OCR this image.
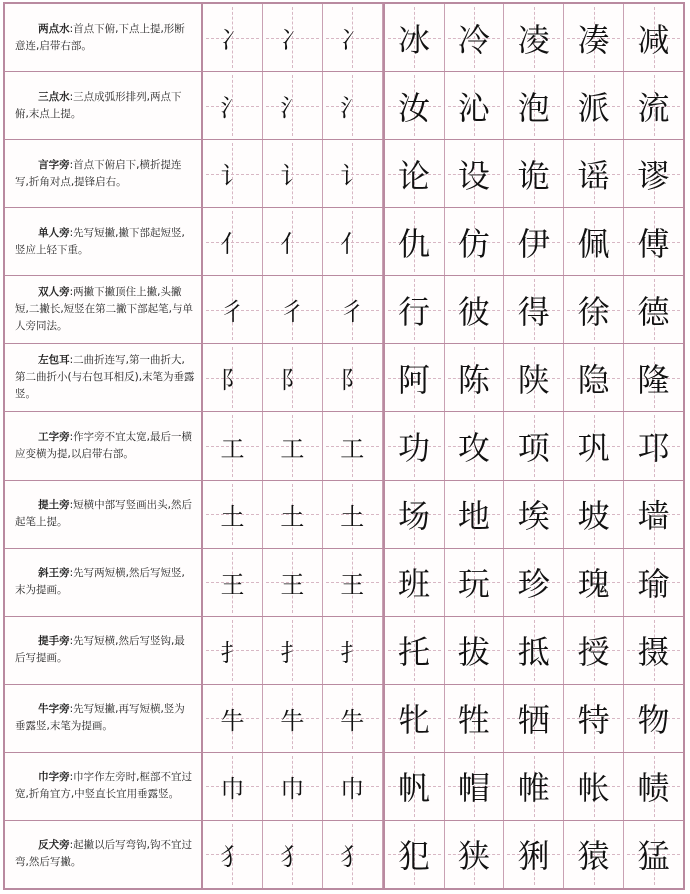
两点水:首点下俯,下点上提,形断意连,启带右部。	冫 冫 冫 冰 冷 凌 凑 减

三点水:三点成弧形排列,两点下俯,末点上提。	氵 氵 氵 汝 沁 泡 派 流

言字旁:首点下俯启下,横折提连写,折角对点,提锋启右。	讠 讠 讠 论 设 诡 谣 谬

单人旁:先写短撇,撇下部起短竖,竖应上轻下重。	亻 亻 亻 仇 仿 伊 佩 傅

双人旁:两撇下撇顶住上撇,头撇短,二撇长,短竖在第二撇下部起笔,与单人旁同法。	彳 彳 彳 行 彼 得 徐 德

左包耳:二曲折连写,第一曲折大,第二曲折小(与右包耳相反),末笔为垂露竖。	阝 阝 阝 阿 陈 陕 隐 隆

工字旁:作字旁不宜太宽,最后一横应变横为提,以启带右部。	工 工 工 功 攻 项 巩 邛

提土旁:短横中部写竖画出头,然后起笔上提。	土 土 土 场 地 埃 坡 墙

斜王旁:先写两短横,然后写短竖,末为提画。	王 王 王 班 玩 珍 瑰 瑜

提手旁:先写短横,然后写竖钩,最后写提画。	扌 扌 扌 托 拔 抵 授 摄

牛字旁:先写短撇,再写短横,竖为垂露竖,末笔为提画。	牛 牛 牛 牝 牲 牺 特 物

巾字旁:巾字作左旁时,框部不宜过宽,折角宜方,中竖直长宜用垂露竖。	巾 巾 巾 帆 帽 帷 帐 帻

反犬旁:起撇以后写弯钩,钩不宜过弯,然后写撇。	犭 犭 犭 犯 狭 猁 猿 猛
